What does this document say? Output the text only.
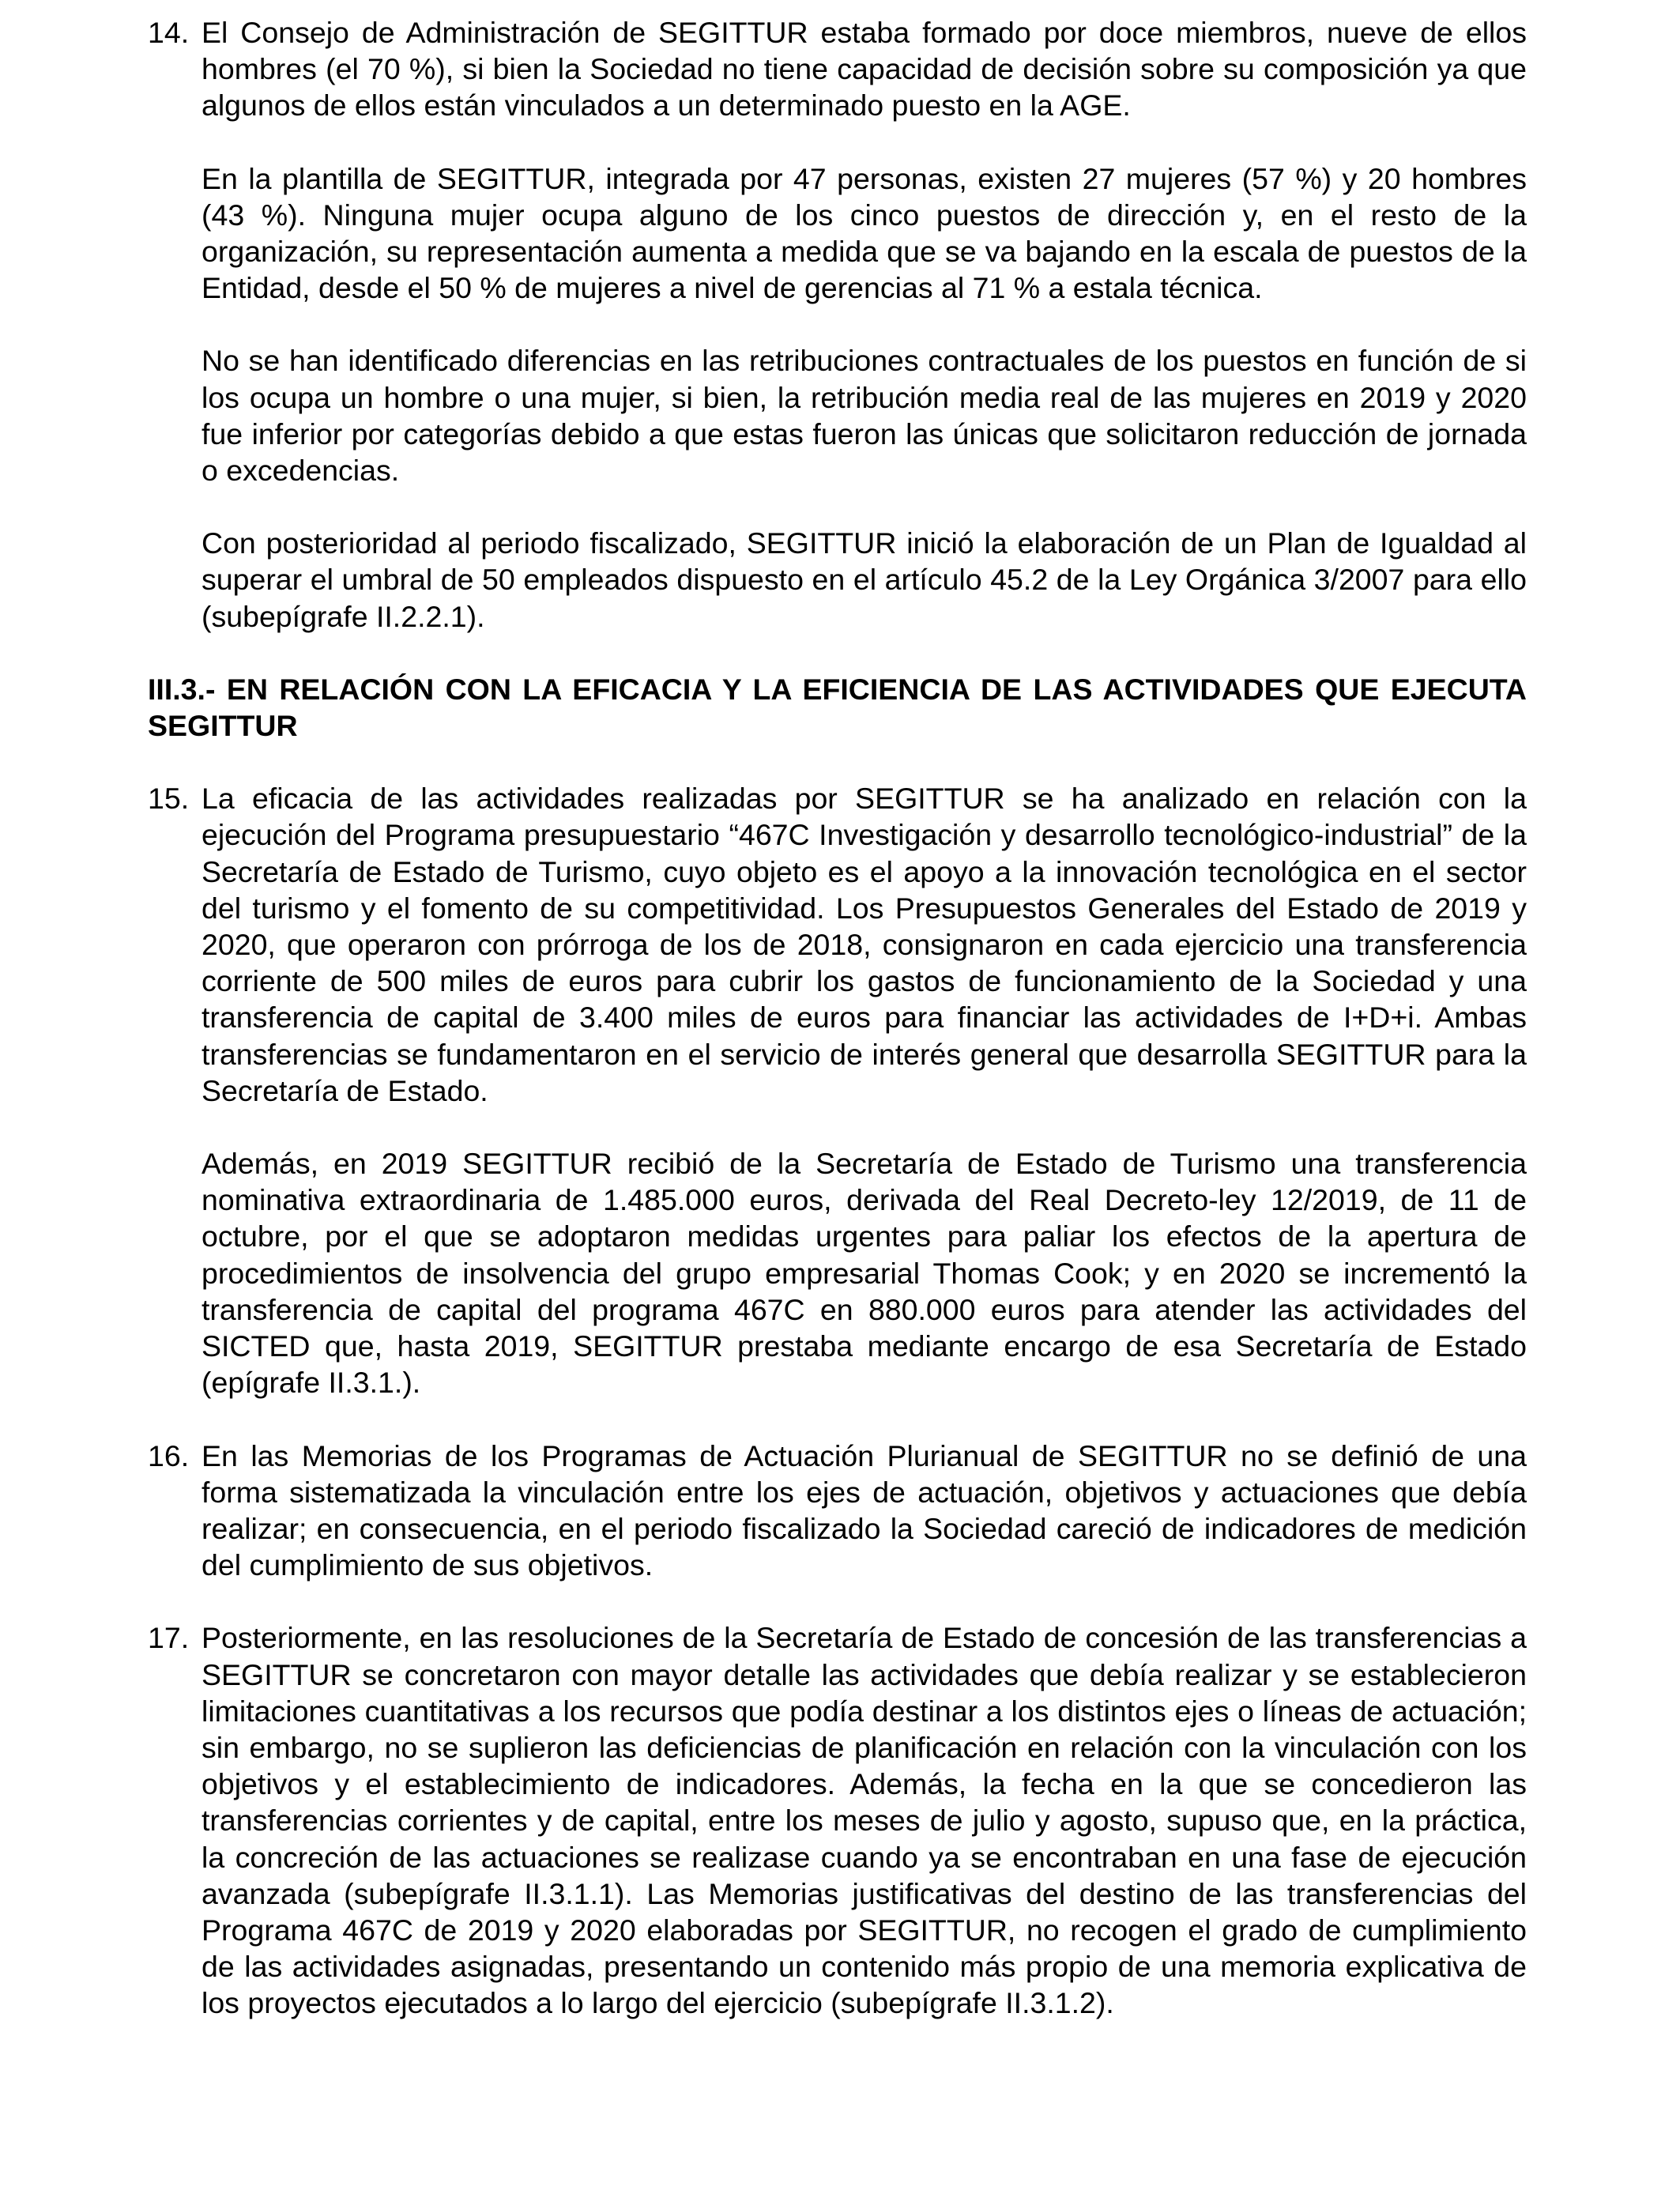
14. El Consejo de Administración de SEGITTUR estaba formado por doce miembros, nueve de ellos hombres (el 70 %), si bien la Sociedad no tiene capacidad de decisión sobre su composición ya que algunos de ellos están vinculados a un determinado puesto en la AGE.

En la plantilla de SEGITTUR, integrada por 47 personas, existen 27 mujeres (57 %) y 20 hombres (43 %). Ninguna mujer ocupa alguno de los cinco puestos de dirección y, en el resto de la organización, su representación aumenta a medida que se va bajando en la escala de puestos de la Entidad, desde el 50 % de mujeres a nivel de gerencias al 71 % a estala técnica.

No se han identificado diferencias en las retribuciones contractuales de los puestos en función de si los ocupa un hombre o una mujer, si bien, la retribución media real de las mujeres en 2019 y 2020 fue inferior por categorías debido a que estas fueron las únicas que solicitaron reducción de jornada o excedencias.

Con posterioridad al periodo fiscalizado, SEGITTUR inició la elaboración de un Plan de Igualdad al superar el umbral de 50 empleados dispuesto en el artículo 45.2 de la Ley Orgánica 3/2007 para ello (subepígrafe II.2.2.1).

III.3.- EN RELACIÓN CON LA EFICACIA Y LA EFICIENCIA DE LAS ACTIVIDADES QUE EJECUTA SEGITTUR
15. La eficacia de las actividades realizadas por SEGITTUR se ha analizado en relación con la ejecución del Programa presupuestario “467C Investigación y desarrollo tecnológico-industrial” de la Secretaría de Estado de Turismo, cuyo objeto es el apoyo a la innovación tecnológica en el sector del turismo y el fomento de su competitividad. Los Presupuestos Generales del Estado de 2019 y 2020, que operaron con prórroga de los de 2018, consignaron en cada ejercicio una transferencia corriente de 500 miles de euros para cubrir los gastos de funcionamiento de la Sociedad y una transferencia de capital de 3.400 miles de euros para financiar las actividades de I+D+i. Ambas transferencias se fundamentaron en el servicio de interés general que desarrolla SEGITTUR para la Secretaría de Estado.

Además, en 2019 SEGITTUR recibió de la Secretaría de Estado de Turismo una transferencia nominativa extraordinaria de 1.485.000 euros, derivada del Real Decreto-ley 12/2019, de 11 de octubre, por el que se adoptaron medidas urgentes para paliar los efectos de la apertura de procedimientos de insolvencia del grupo empresarial Thomas Cook; y en 2020 se incrementó la transferencia de capital del programa 467C en 880.000 euros para atender las actividades del SICTED que, hasta 2019, SEGITTUR prestaba mediante encargo de esa Secretaría de Estado (epígrafe II.3.1.).

16. En las Memorias de los Programas de Actuación Plurianual de SEGITTUR no se definió de una forma sistematizada la vinculación entre los ejes de actuación, objetivos y actuaciones que debía realizar; en consecuencia, en el periodo fiscalizado la Sociedad careció de indicadores de medición del cumplimiento de sus objetivos.

17. Posteriormente, en las resoluciones de la Secretaría de Estado de concesión de las transferencias a SEGITTUR se concretaron con mayor detalle las actividades que debía realizar y se establecieron limitaciones cuantitativas a los recursos que podía destinar a los distintos ejes o líneas de actuación; sin embargo, no se suplieron las deficiencias de planificación en relación con la vinculación con los objetivos y el establecimiento de indicadores. Además, la fecha en la que se concedieron las transferencias corrientes y de capital, entre los meses de julio y agosto, supuso que, en la práctica, la concreción de las actuaciones se realizase cuando ya se encontraban en una fase de ejecución avanzada (subepígrafe II.3.1.1). Las Memorias justificativas del destino de las transferencias del Programa 467C de 2019 y 2020 elaboradas por SEGITTUR, no recogen el grado de cumplimiento de las actividades asignadas, presentando un contenido más propio de una memoria explicativa de los proyectos ejecutados a lo largo del ejercicio (subepígrafe II.3.1.2).
